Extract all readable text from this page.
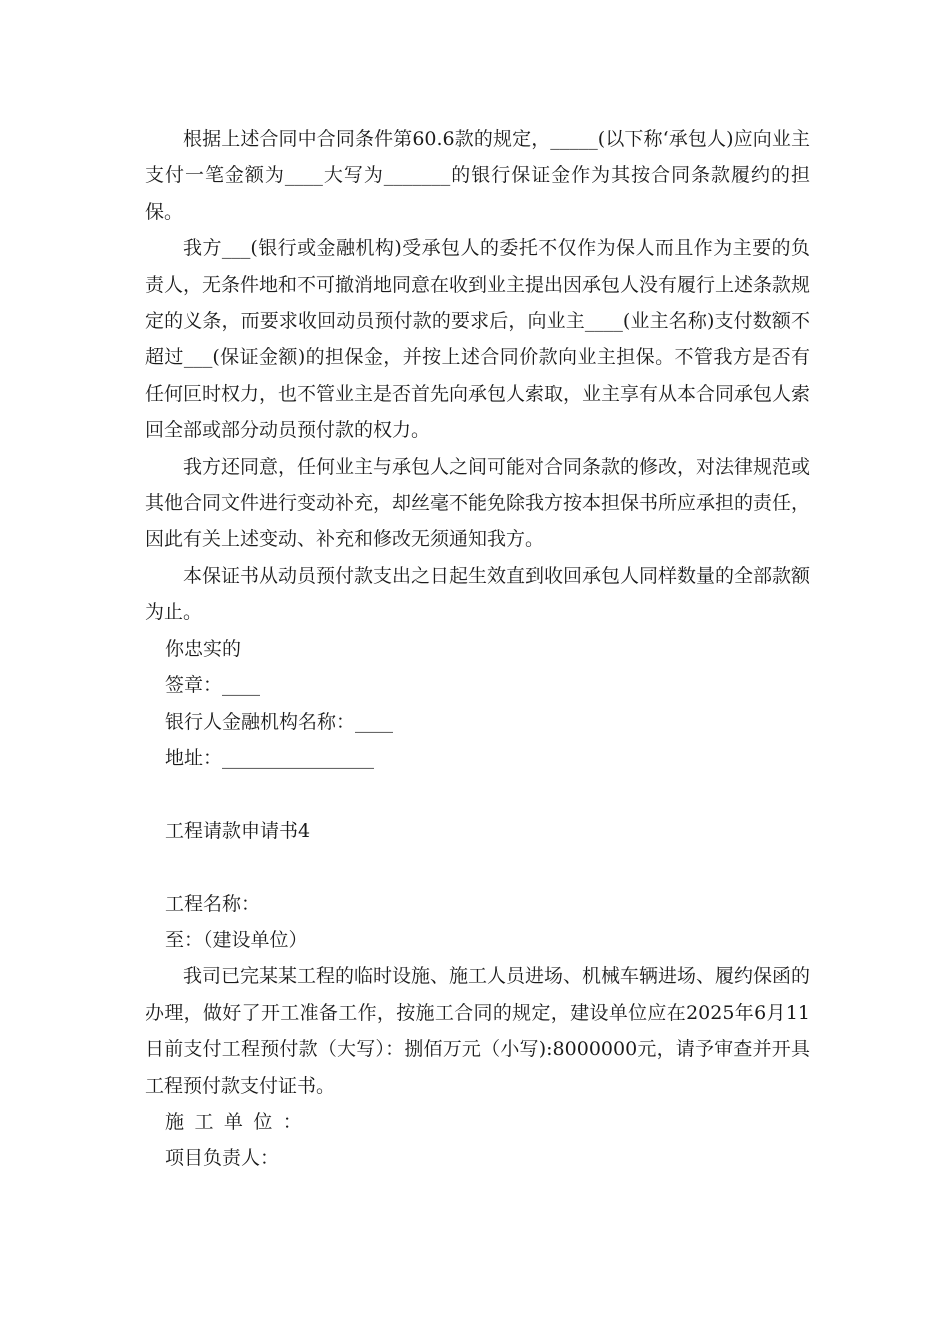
根据上述合同中合同条件第60.6款的规定，_____(以下称‘承包人)应向业主支付一笔金额为____大写为_______的银行保证金作为其按合同条款履约的担保。

我方___(银行或金融机构)受承包人的委托不仅作为保人而且作为主要的负责人，无条件地和不可撤消地同意在收到业主提出因承包人没有履行上述条款规定的义条，而要求收回动员预付款的要求后，向业主____(业主名称)支付数额不超过___(保证金额)的担保金，并按上述合同价款向业主担保。不管我方是否有任何叵时权力，也不管业主是否首先向承包人索取，业主享有从本合同承包人索回全部或部分动员预付款的权力。

我方还同意，任何业主与承包人之间可能对合同条款的修改，对法律规范或其他合同文件进行变动补充，却丝毫不能免除我方按本担保书所应承担的责任，因此有关上述变动、补充和修改无须通知我方。

本保证书从动员预付款支出之日起生效直到收回承包人同样数量的全部款额为止。

你忠实的

签章：____

银行人金融机构名称：____

地址：________________

工程请款申请书4

工程名称：

至：（建设单位）

我司已完某某工程的临时设施、施工人员进场、机械车辆进场、履约保函的办理，做好了开工准备工作，按施工合同的规定，建设单位应在2025年6月11日前支付工程预付款（大写）：捌佰万元（小写):8000000元，请予审查并开具工程预付款支付证书。

施工单位：

项目负责人：
